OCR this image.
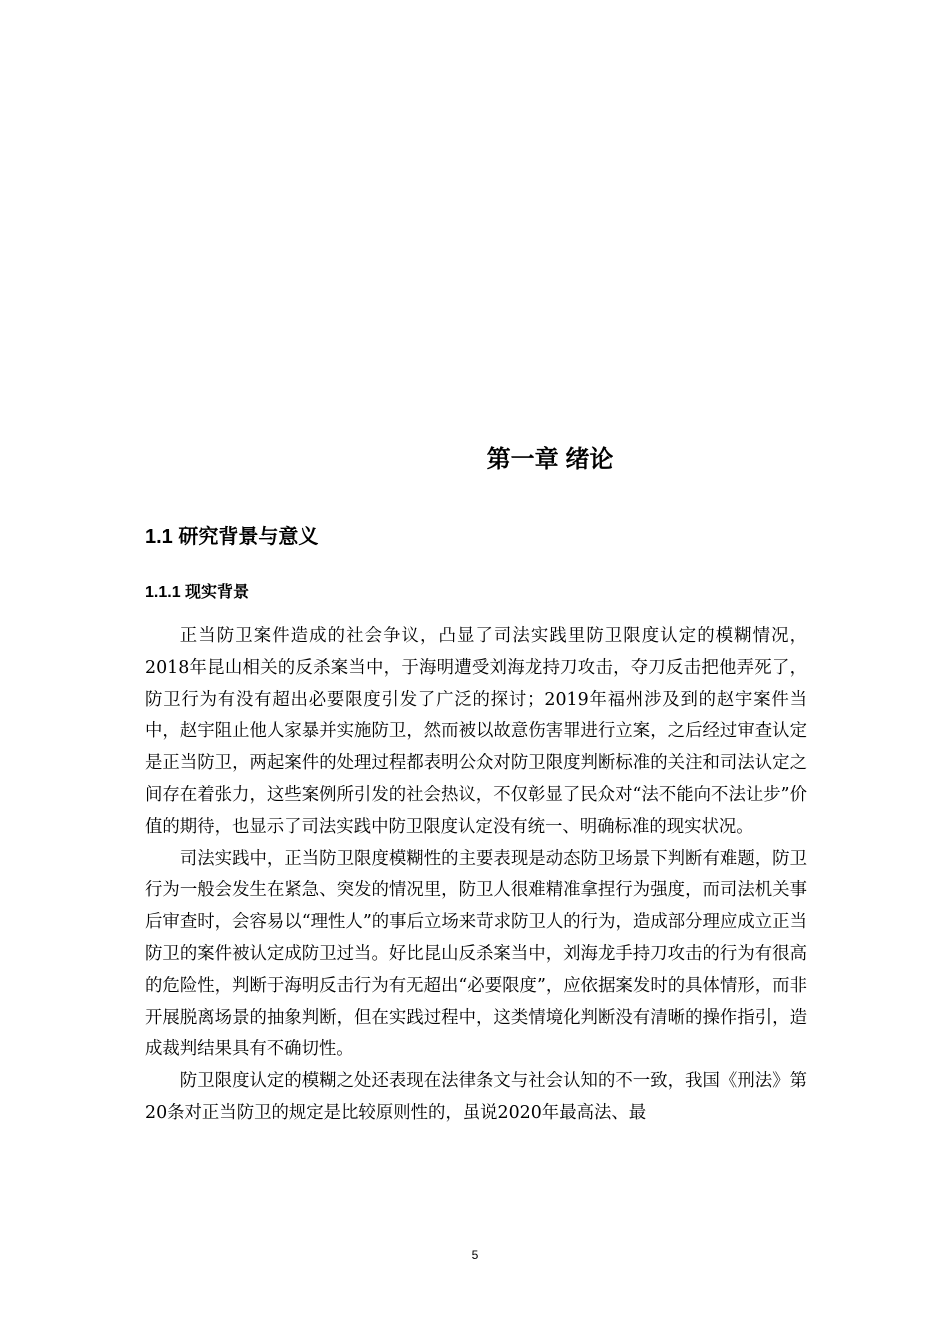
第一章 绪论
1.1 研究背景与意义
1.1.1 现实背景

正当防卫案件造成的社会争议，凸显了司法实践里防卫限度认定的模糊情况，2018年昆山相关的反杀案当中，于海明遭受刘海龙持刀攻击，夺刀反击把他弄死了，防卫行为有没有超出必要限度引发了广泛的探讨；2019年福州涉及到的赵宇案件当中，赵宇阻止他人家暴并实施防卫，然而被以故意伤害罪进行立案，之后经过审查认定是正当防卫，两起案件的处理过程都表明公众对防卫限度判断标准的关注和司法认定之间存在着张力，这些案例所引发的社会热议，不仅彰显了民众对“法不能向不法让步”价值的期待，也显示了司法实践中防卫限度认定没有统一、明确标准的现实状况。

司法实践中，正当防卫限度模糊性的主要表现是动态防卫场景下判断有难题，防卫行为一般会发生在紧急、突发的情况里，防卫人很难精准拿捏行为强度，而司法机关事后审查时，会容易以“理性人”的事后立场来苛求防卫人的行为，造成部分理应成立正当防卫的案件被认定成防卫过当。好比昆山反杀案当中，刘海龙手持刀攻击的行为有很高的危险性，判断于海明反击行为有无超出“必要限度”，应依据案发时的具体情形，而非开展脱离场景的抽象判断，但在实践过程中，这类情境化判断没有清晰的操作指引，造成裁判结果具有不确切性。

防卫限度认定的模糊之处还表现在法律条文与社会认知的不一致，我国《刑法》第20条对正当防卫的规定是比较原则性的，虽说2020年最高法、最

5
